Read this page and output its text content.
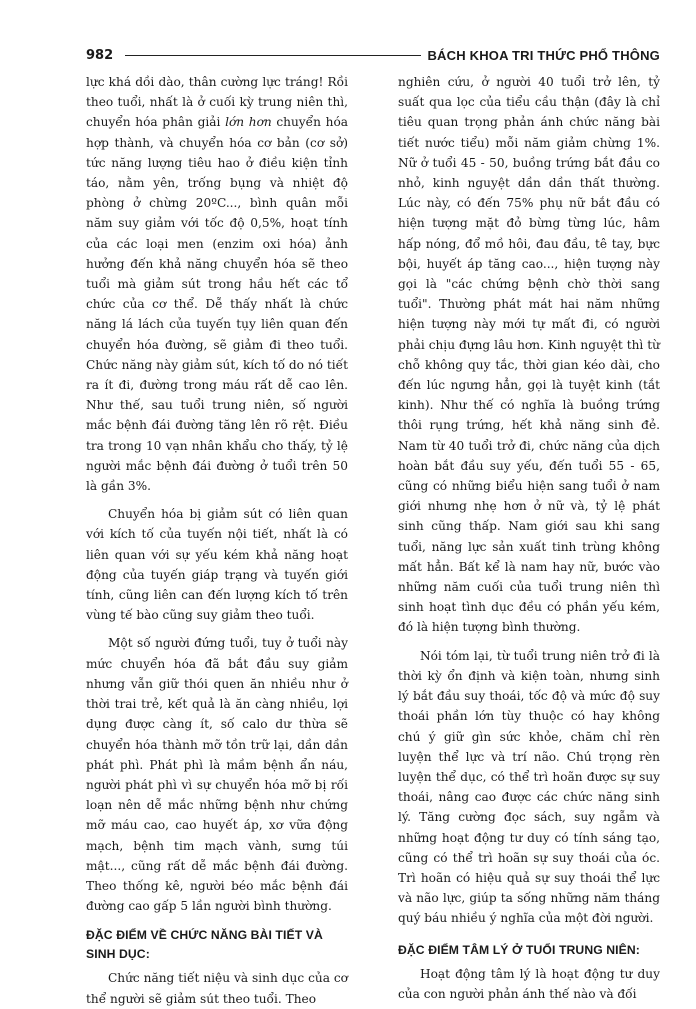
982	BÁCH KHOA TRI THỨC PHỔ THÔNG

lực khá dồi dào, thân cường lực tráng! Rồi theo tuổi, nhất là ở cuối kỳ trung niên thì, chuyển hóa phân giải lớn hơn chuyển hóa hợp thành, và chuyển hóa cơ bản (cơ sở) tức năng lượng tiêu hao ở điều kiện tỉnh táo, nằm yên, trống bụng và nhiệt độ phòng ở chừng 20ºC..., bình quân mỗi năm suy giảm với tốc độ 0,5%, hoạt tính của các loại men (enzim oxi hóa) ảnh hưởng đến khả năng chuyển hóa sẽ theo tuổi mà giảm sút trong hầu hết các tổ chức của cơ thể. Dễ thấy nhất là chức năng lá lách của tuyến tụy liên quan đến chuyển hóa đường, sẽ giảm đi theo tuổi. Chức năng này giảm sút, kích tố do nó tiết ra ít đi, đường trong máu rất dễ cao lên. Như thế, sau tuổi trung niên, số người mắc bệnh đái đường tăng lên rõ rệt. Điều tra trong 10 vạn nhân khẩu cho thấy, tỷ lệ người mắc bệnh đái đường ở tuổi trên 50 là gần 3%.

Chuyển hóa bị giảm sút có liên quan với kích tố của tuyến nội tiết, nhất là có liên quan với sự yếu kém khả năng hoạt động của tuyến giáp trạng và tuyến giới tính, cũng liên can đến lượng kích tố trên vùng tế bào cũng suy giảm theo tuổi.

Một số người đứng tuổi, tuy ở tuổi này mức chuyển hóa đã bắt đầu suy giảm nhưng vẫn giữ thói quen ăn nhiều như ở thời trai trẻ, kết quả là ăn càng nhiều, lợi dụng được càng ít, số calo dư thừa sẽ chuyển hóa thành mỡ tồn trữ lại, dần dần phát phì. Phát phì là mầm bệnh ẩn náu, người phát phì vì sự chuyển hóa mỡ bị rối loạn nên dễ mắc những bệnh như chứng mỡ máu cao, cao huyết áp, xơ vữa động mạch, bệnh tim mạch vành, sưng túi mật..., cũng rất dễ mắc bệnh đái đường. Theo thống kê, người béo mắc bệnh đái đường cao gấp 5 lần người bình thường.

ĐẶC ĐIỂM VỀ CHỨC NĂNG BÀI TIẾT VÀ SINH DỤC:

Chức năng tiết niệu và sinh dục của cơ thể người sẽ giảm sút theo tuổi. Theo

nghiên cứu, ở người 40 tuổi trở lên, tỷ suất qua lọc của tiểu cầu thận (đây là chỉ tiêu quan trọng phản ánh chức năng bài tiết nước tiểu) mỗi năm giảm chừng 1%. Nữ ở tuổi 45 - 50, buồng trứng bắt đầu co nhỏ, kinh nguyệt dần dần thất thường. Lúc này, có đến 75% phụ nữ bắt đầu có hiện tượng mặt đỏ bừng từng lúc, hâm hấp nóng, đổ mồ hôi, đau đầu, tê tay, bực bội, huyết áp tăng cao..., hiện tượng này gọi là "các chứng bệnh chờ thời sang tuổi". Thường phát mát hai năm những hiện tượng này mới tự mất đi, có người phải chịu đựng lâu hơn. Kinh nguyệt thì từ chỗ không quy tắc, thời gian kéo dài, cho đến lúc ngưng hẳn, gọi là tuyệt kinh (tắt kinh). Như thế có nghĩa là buồng trứng thôi rụng trứng, hết khả năng sinh đẻ. Nam từ 40 tuổi trở đi, chức năng của dịch hoàn bắt đầu suy yếu, đến tuổi 55 - 65, cũng có những biểu hiện sang tuổi ở nam giới nhưng nhẹ hơn ở nữ và, tỷ lệ phát sinh cũng thấp. Nam giới sau khi sang tuổi, năng lực sản xuất tinh trùng không mất hẳn. Bất kể là nam hay nữ, bước vào những năm cuối của tuổi trung niên thì sinh hoạt tình dục đều có phần yếu kém, đó là hiện tượng bình thường.

Nói tóm lại, từ tuổi trung niên trở đi là thời kỳ ổn định và kiện toàn, nhưng sinh lý bắt đầu suy thoái, tốc độ và mức độ suy thoái phần lớn tùy thuộc có hay không chú ý giữ gìn sức khỏe, chăm chỉ rèn luyện thể lực và trí não. Chú trọng rèn luyện thể dục, có thể trì hoãn được sự suy thoái, nâng cao được các chức năng sinh lý. Tăng cường đọc sách, suy ngẫm và những hoạt động tư duy có tính sáng tạo, cũng có thể trì hoãn sự suy thoái của óc. Trì hoãn có hiệu quả sự suy thoái thể lực và não lực, giúp ta sống những năm tháng quý báu nhiều ý nghĩa của một đời người.

ĐẶC ĐIỂM TÂM LÝ Ở TUỔI TRUNG NIÊN:

Hoạt động tâm lý là hoạt động tư duy của con người phản ánh thế nào và đối
